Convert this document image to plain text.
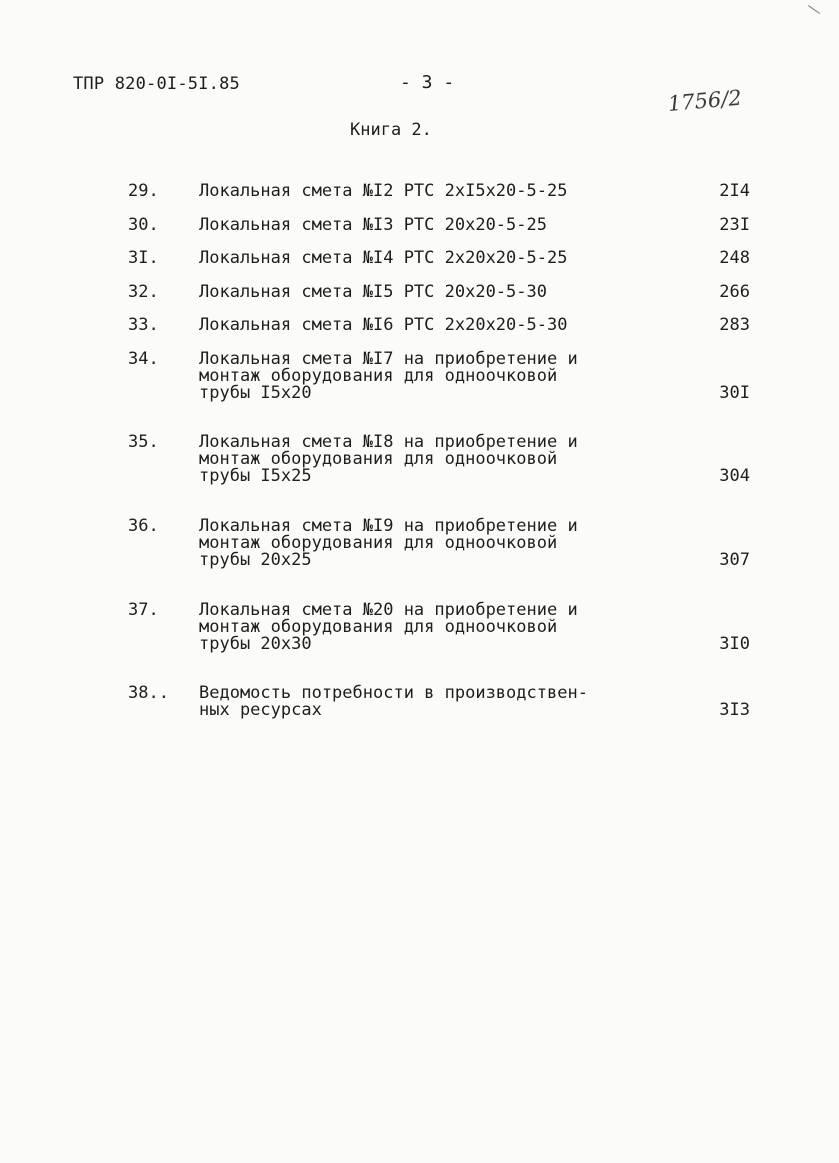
ТПР 820-0I-5I.85	- 3 -
1756/2
Книга 2.
29. Локальная смета №I2 РТС 2хI5х20-5-25	2I4
30. Локальная смета №I3 РТС 20х20-5-25	23I
3I. Локальная смета №I4 РТС 2х20х20-5-25	248
32. Локальная смета №I5 РТС 20х20-5-30	266
33. Локальная смета №I6 РТС 2х20х20-5-30	283
34. Локальная смета №I7 на приобретение и
монтаж оборудования для одноочковой
трубы I5х20	30I
35. Локальная смета №I8 на приобретение и
монтаж оборудования для одноочковой
трубы I5х25	304
36. Локальная смета №I9 на приобретение и
монтаж оборудования для одноочковой
трубы 20х25	307
37. Локальная смета №20 на приобретение и
монтаж оборудования для одноочковой
трубы 20х30	3I0
38.. Ведомость потребности в производствен-
ных ресурсах	3I3
